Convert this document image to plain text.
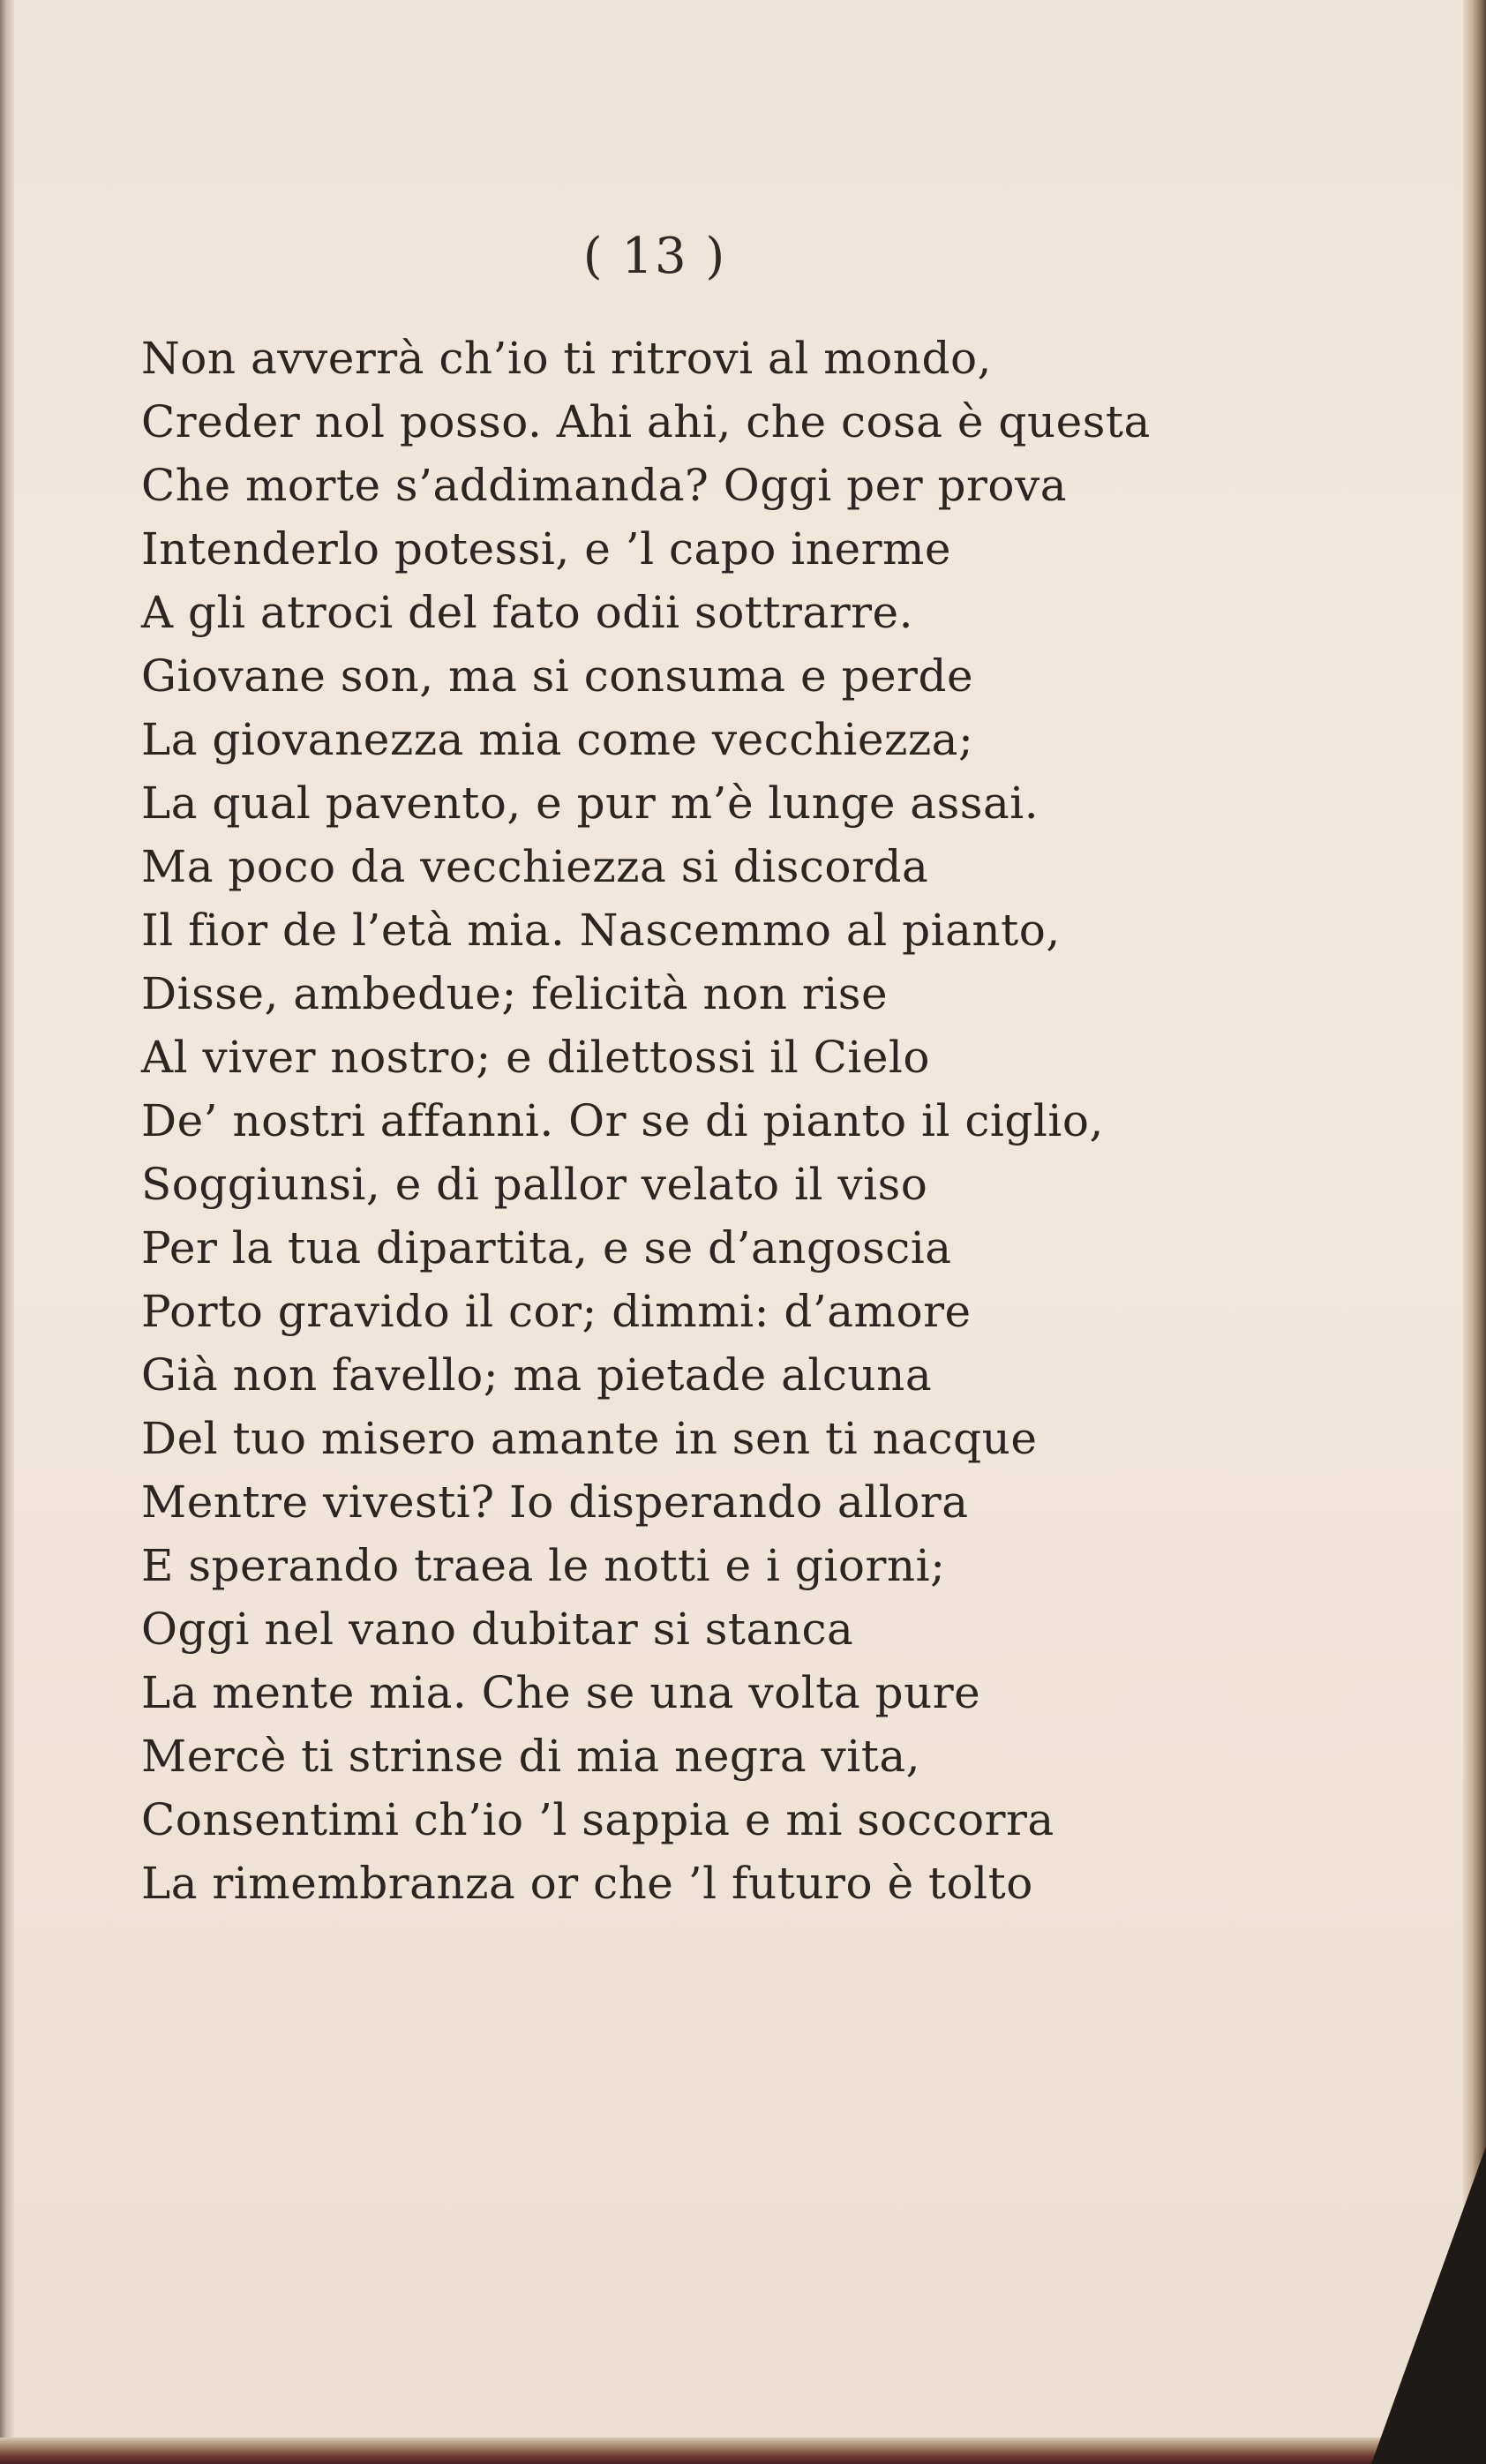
( 13 )
Non avverrà ch’io ti ritrovi al mondo,
Creder nol posso. Ahi ahi, che cosa è questa
Che morte s’addimanda? Oggi per prova
Intenderlo potessi, e ’l capo inerme
A gli atroci del fato odii sottrarre.
Giovane son, ma si consuma e perde
La giovanezza mia come vecchiezza;
La qual pavento, e pur m’è lunge assai.
Ma poco da vecchiezza si discorda
Il fior de l’età mia. Nascemmo al pianto,
Disse, ambedue; felicità non rise
Al viver nostro; e dilettossi il Cielo
De’ nostri affanni. Or se di pianto il ciglio,
Soggiunsi, e di pallor velato il viso
Per la tua dipartita, e se d’angoscia
Porto gravido il cor; dimmi: d’amore
Già non favello; ma pietade alcuna
Del tuo misero amante in sen ti nacque
Mentre vivesti? Io disperando allora
E sperando traea le notti e i giorni;
Oggi nel vano dubitar si stanca
La mente mia. Che se una volta pure
Mercè ti strinse di mia negra vita,
Consentimi ch’io ’l sappia e mi soccorra
La rimembranza or che ’l futuro è tolto
